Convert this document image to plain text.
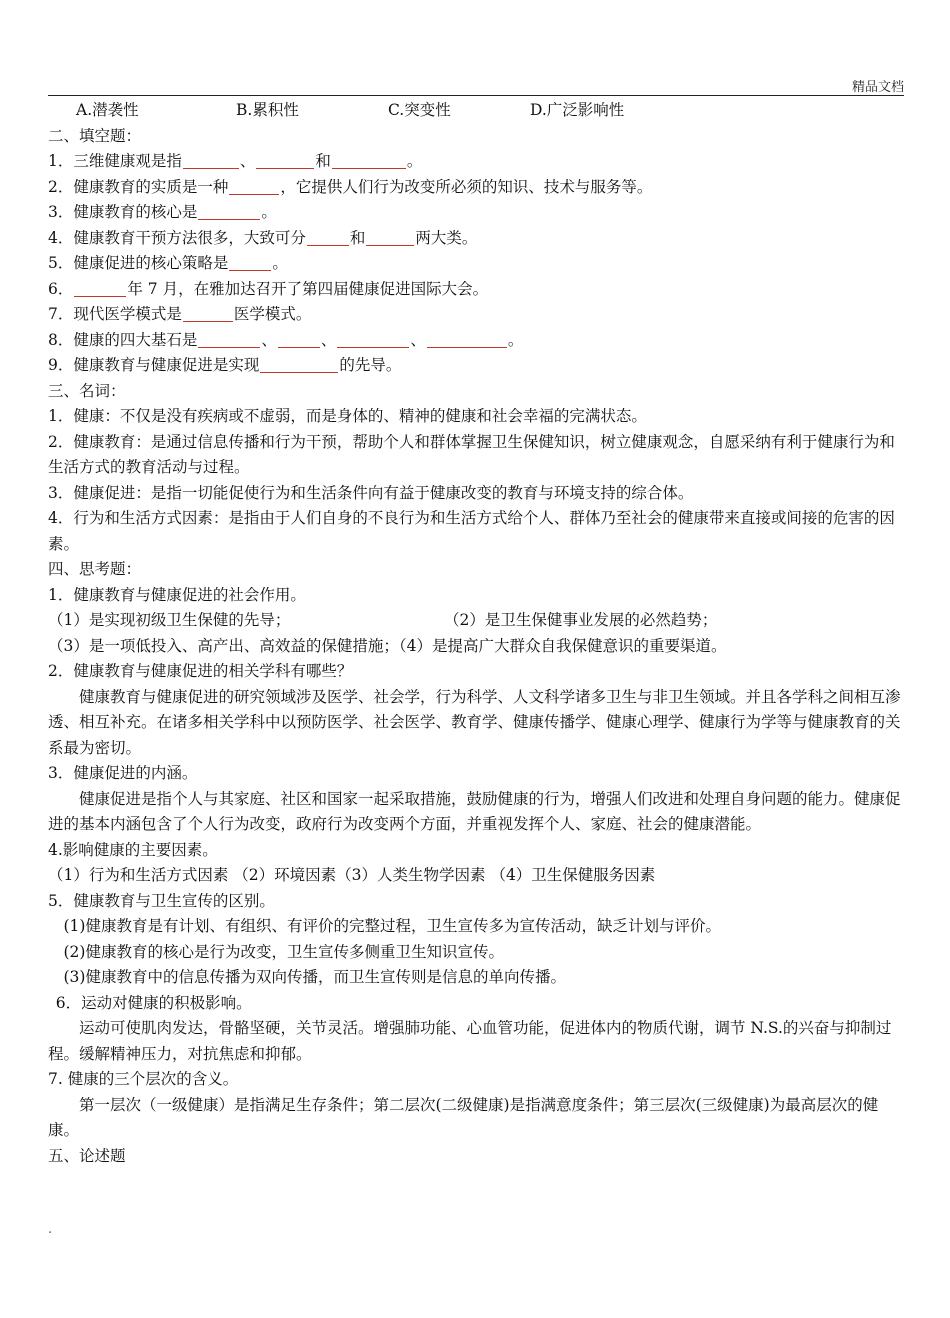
精品文档
A.潜袭性	B.累积性	C.突变性	D.广泛影响性
二、填空题：
1．三维健康观是指	、	和	。
2．健康教育的实质是一种	，它提供人们行为改变所必须的知识、技术与服务等。
3．健康教育的核心是	。
4．健康教育干预方法很多，大致可分	和	两大类。
5．健康促进的核心策略是	。
6．	年 7 月，在雅加达召开了第四届健康促进国际大会。
7．现代医学模式是	医学模式。
8．健康的四大基石是	、	、	、	。
9．健康教育与健康促进是实现	的先导。
三、名词：
1．健康：不仅是没有疾病或不虚弱，而是身体的、精神的健康和社会幸福的完满状态。
2．健康教育：是通过信息传播和行为干预，帮助个人和群体掌握卫生保健知识，树立健康观念，自愿采纳有利于健康行为和生活方式的教育活动与过程。
3．健康促进：是指一切能促使行为和生活条件向有益于健康改变的教育与环境支持的综合体。
4．行为和生活方式因素：是指由于人们自身的不良行为和生活方式给个人、群体乃至社会的健康带来直接或间接的危害的因素。
四、思考题：
1．健康教育与健康促进的社会作用。
（1）是实现初级卫生保健的先导；	（2）是卫生保健事业发展的必然趋势；
（3）是一项低投入、高产出、高效益的保健措施；（4）是提高广大群众自我保健意识的重要渠道。
2．健康教育与健康促进的相关学科有哪些？
健康教育与健康促进的研究领域涉及医学、社会学，行为科学、人文科学诸多卫生与非卫生领域。并且各学科之间相互渗透、相互补充。在诸多相关学科中以预防医学、社会医学、教育学、健康传播学、健康心理学、健康行为学等与健康教育的关系最为密切。
3．健康促进的内涵。
健康促进是指个人与其家庭、社区和国家一起采取措施，鼓励健康的行为，增强人们改进和处理自身问题的能力。健康促进的基本内涵包含了个人行为改变，政府行为改变两个方面，并重视发挥个人、家庭、社会的健康潜能。
4.影响健康的主要因素。
（1）行为和生活方式因素 （2）环境因素（3）人类生物学因素 （4）卫生保健服务因素
5．健康教育与卫生宣传的区别。
(1)健康教育是有计划、有组织、有评价的完整过程，卫生宣传多为宣传活动，缺乏计划与评价。
(2)健康教育的核心是行为改变，卫生宣传多侧重卫生知识宣传。
(3)健康教育中的信息传播为双向传播，而卫生宣传则是信息的单向传播。
6．运动对健康的积极影响。
运动可使肌肉发达，骨骼坚硬，关节灵活。增强肺功能、心血管功能，促进体内的物质代谢，调节 N.S.的兴奋与抑制过程。缓解精神压力，对抗焦虑和抑郁。
7. 健康的三个层次的含义。
第一层次（一级健康）是指满足生存条件；第二层次(二级健康)是指满意度条件；第三层次(三级健康)为最高层次的健康。
五、论述题
.
